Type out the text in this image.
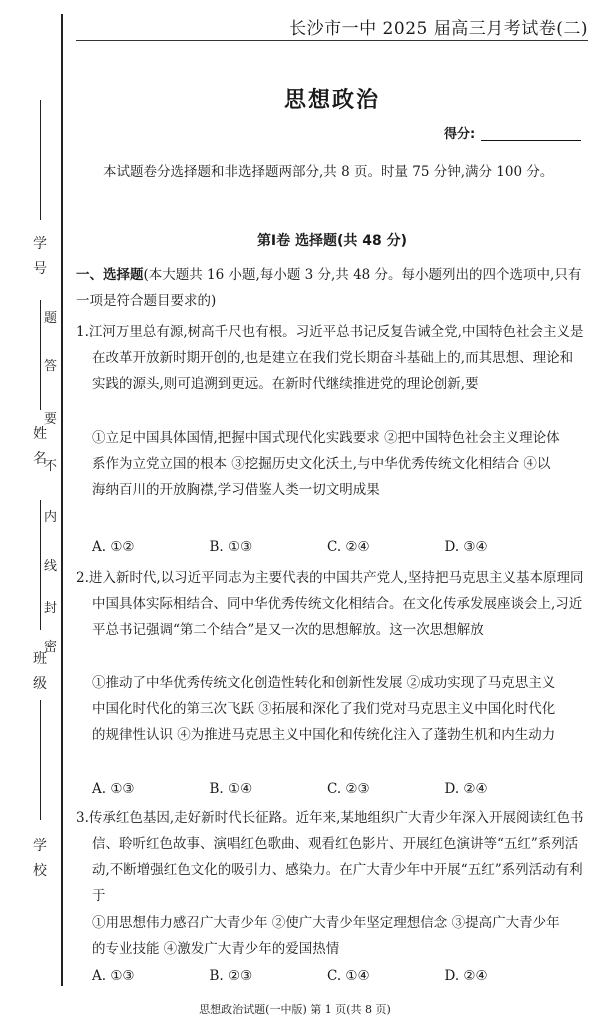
学
号
姓
名
班
级
学
校
密
封
线
内
不
要
答
题
长沙市一中 2025 届高三月考试卷(二)
思想政治
得分:
本试题卷分选择题和非选择题两部分,共 8 页。时量 75 分钟,满分 100 分。
第Ⅰ卷 选择题(共 48 分)
一、选择题(本大题共 16 小题,每小题 3 分,共 48 分。每小题列出的四个选项中,只有一项是符合题目要求的)
1.江河万里总有源,树高千尺也有根。习近平总书记反复告诫全党,中国特色社会主义是在改革开放新时期开创的,也是建立在我们党长期奋斗基础上的,而其思想、理论和实践的源头,则可追溯到更远。在新时代继续推进党的理论创新,要
①立足中国具体国情,把握中国式现代化实践要求 ②把中国特色社会主义理论体系作为立党立国的根本 ③挖掘历史文化沃土,与中华优秀传统文化相结合 ④以海纳百川的开放胸襟,学习借鉴人类一切文明成果
A. ①②	B. ①③	C. ②④	D. ③④
2.进入新时代,以习近平同志为主要代表的中国共产党人,坚持把马克思主义基本原理同中国具体实际相结合、同中华优秀传统文化相结合。在文化传承发展座谈会上,习近平总书记强调“第二个结合”是又一次的思想解放。这一次思想解放
①推动了中华优秀传统文化创造性转化和创新性发展 ②成功实现了马克思主义中国化时代化的第三次飞跃 ③拓展和深化了我们党对马克思主义中国化时代化的规律性认识 ④为推进马克思主义中国化和传统化注入了蓬勃生机和内生动力
A. ①③	B. ①④	C. ②③	D. ②④
3.传承红色基因,走好新时代长征路。近年来,某地组织广大青少年深入开展阅读红色书信、聆听红色故事、演唱红色歌曲、观看红色影片、开展红色演讲等“五红”系列活动,不断增强红色文化的吸引力、感染力。在广大青少年中开展“五红”系列活动有利于
①用思想伟力感召广大青少年 ②使广大青少年坚定理想信念 ③提高广大青少年的专业技能 ④激发广大青少年的爱国热情
A. ①③	B. ②③	C. ①④	D. ②④
思想政治试题(一中版) 第 1 页(共 8 页)
